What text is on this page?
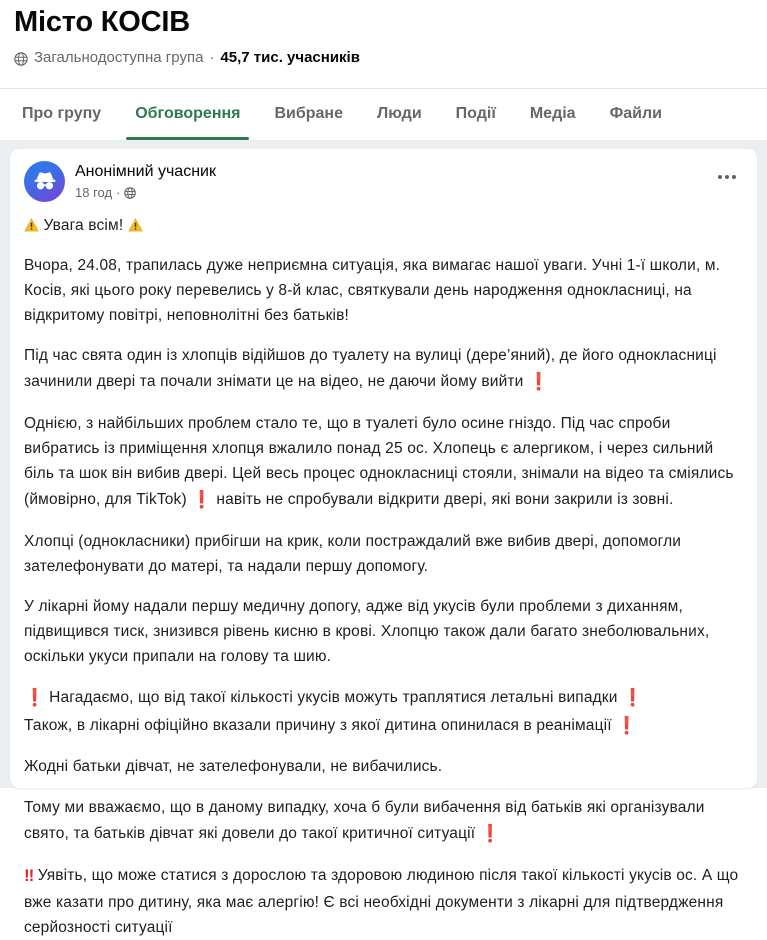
Місто КОСІВ
Загальнодоступна група · 45,7 тис. учасників
Про групу Обговорення Вибране Люди Події Медіа Файли
Анонімний учасник
18 год ·

Увага всім!

Вчора, 24.08, трапилась дуже неприємна ситуація, яка вимагає нашої уваги. Учні 1-ї школи, м. Косів, які цього року перевелись у 8-й клас, святкували день народження однокласниці, на відкритому повітрі, неповнолітні без батьків!

Під час свята один із хлопців відійшов до туалету на вулиці (дере’яний), де його однокласниці зачинили двері та почали знімати це на відео, не даючи йому вийти ❗

Однією, з найбільших проблем стало те, що в туалеті було осине гніздо. Під час спроби вибратись із приміщення хлопця вжалило понад 25 ос. Хлопець є алергиком, і через сильний біль та шок він вибив двері. Цей весь процес однокласниці стояли, знімали на відео та сміялись (ймовірно, для TikTok) ❗ навіть не спробували відкрити двері, які вони закрили із зовні.

Хлопці (однокласники) прибігши на крик, коли постраждалий вже вибив двері, допомогли зателефонувати до матері, та надали першу допомогу.

У лікарні йому надали першу медичну допогу, адже від укусів були проблеми з диханням, підвищився тиск, знизився рівень кисню в крові. Хлопцю також дали багато знеболювальних, оскільки укуси припали на голову та шию.

❗ Нагадаємо, що від такої кількості укусів можуть траплятися летальні випадки ❗

Також, в лікарні офіційно вказали причину з якої дитина опинилася в реанімації ❗

Жодні батьки дівчат, не зателефонували, не вибачились.

Тому ми вважаємо, що в даному випадку, хоча б були вибачення від батьків які організували свято, та батьків дівчат які довели до такої критичної ситуації ❗

‼ Уявіть, що може статися з дорослою та здоровою людиною після такої кількості укусів ос. А що вже казати про дитину, яка має алергію! Є всі необхідні документи з лікарні для підтвердження серйозності ситуації
